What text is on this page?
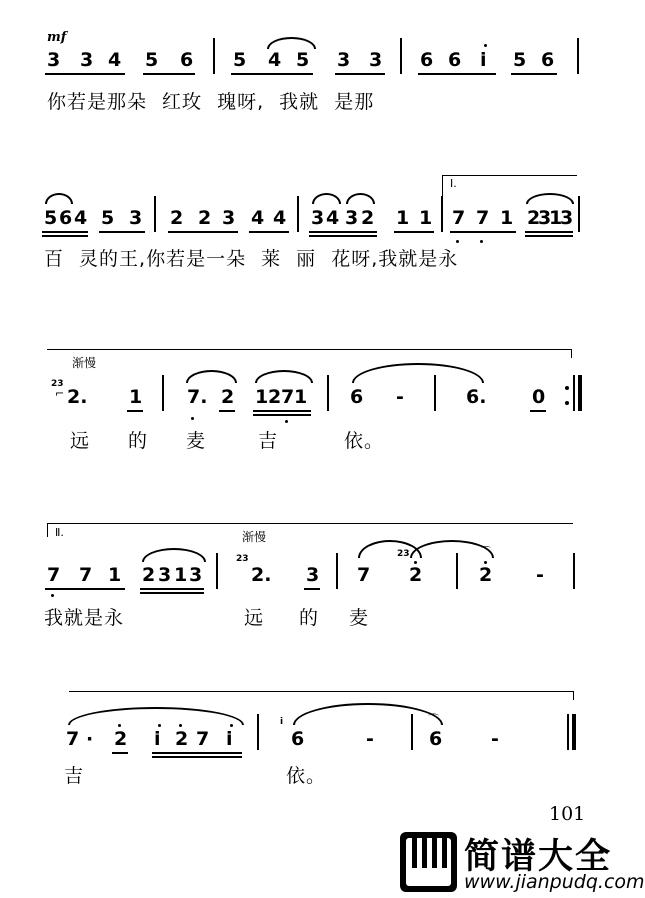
mf
3 3 4 5 6 5 4 5 3 3 6 6 i 5 6
你若是那朵 红玫 瑰呀, 我就 是那
Ⅰ.
5 6 4 5 3 2 2 3 4 4 3 4 3 2 1 1 7 7 1 2
3
1
3
百 灵的王,你若是一朵 莱 丽 花呀,我就是永
渐慢
23
⌐ 2. 1 7. 2 1 2 7 1 6 -	6. 0
远 的 麦	吉	依。
Ⅱ.	渐慢
23	23
7 7 1 2 3 1 3	2. 3 7 2	2 -
⌒
我就是永	远 的 麦
i
7 · 2 i 2 7 i	6	-	6	-
⌒
吉	依。
101
简谱大全
www.jianpudq.com
